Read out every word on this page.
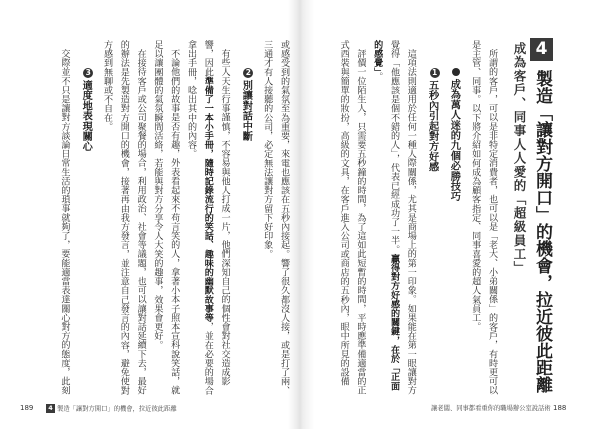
4
製造「讓對方開口」的機會，拉近彼此距離
成為客戶、同事人人愛的「超級員工」

所謂的客戶，可以是非特定消費者，也可以是「老大、小弟關係」的客戶，有時更可以是主管、同事。以下將介紹如何成為顧客指定、同事喜愛的超人氣員工。

成為萬人迷的九個必勝技巧
1五秒內引起對方好感

這項法則適用於任何一種人際關係，尤其是商場上的第一印象。如果能在第一眼讓對方覺得「他應該是個不錯的人」，代表已經成功了一半。贏得對方好感的關鍵，在於「正面的感覺」。

評價一位陌生人，只需要五秒鐘的時間，為了這如此短暫的時間，平時應準備適當的正式西裝與簡單的妝扮，高級的文具，在客戶進入公司或商店的五秒內，眼中所見的設備

讓老闆、同事都看重你的職場辦公室說話術 188

或感受到的氣氛至為重要，來電也應該在五秒內接起。響了很久都沒人接，或是打了兩、三通才有人接聽的公司，必定無法讓對方留下好印象。

2別讓對話中斷

有些人天生行事謹慎，不容易與他人打成一片，他們深知自己的個性會對社交造成影響，因此準備了一本小手冊，隨時記錄流行的笑話、趣味的幽默故事等，並在必要的場合拿出手冊，唸出其中的內容。

不論他們的故事是否有趣，外表看起來不苟言笑的人，拿著小本子照本宣科說笑話，就足以讓團體的氣氛瞬間活絡，若能與對方分享令人大笑的趣事，效果會更好。

在接待客戶或公司聚餐的場合，利用政治、社會等議題，也可以讓對話延續下去，最好的辦法是先製造對方開口的機會，接著再由我方發言，並注意自己發言的內容，避免使對方感到無聊或不自在。

3適度地表現關心

交際並不只是讓對方談論日常生活的瑣事就夠了，要能適當表達關心對方的態度，此刻

189	4 製造「讓對方開口」的機會，拉近彼此距離
